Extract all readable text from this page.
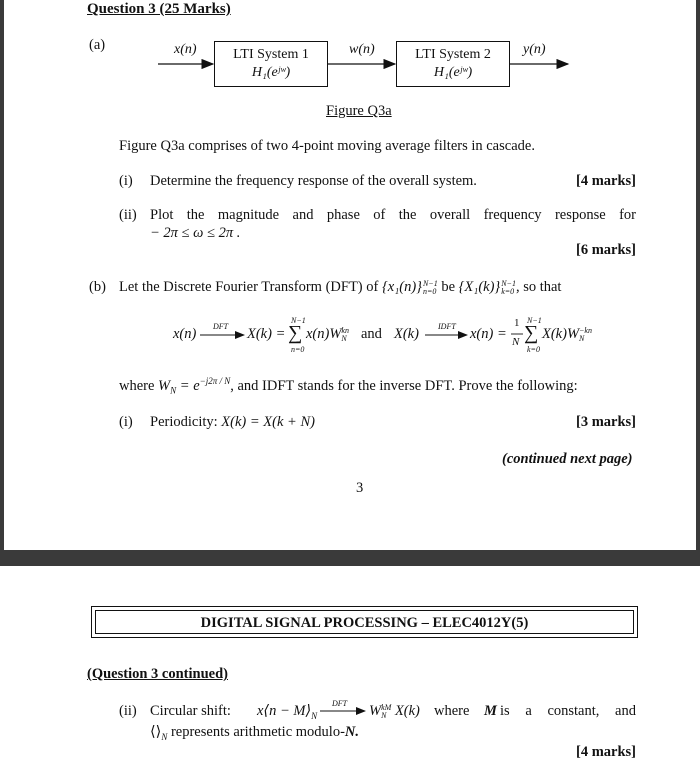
Question 3 (25 Marks)
(a)	x(n)	w(n)	y(n)
LTI System 1
H₁(eʲʷ)
LTI System 2
H₁(eʲʷ)
Figure Q3a
Figure Q3a comprises of two 4-point moving average filters in cascade.
(i) Determine the frequency response of the overall system.	[4 marks]
(ii) Plot the magnitude and phase of the overall frequency response for
− 2π ≤ ω ≤ 2π .
[6 marks]
(b) Let the Discrete Fourier Transform (DFT) of {x₁(n)} N−1
n=0 be {X₁(k)} N−1
k=0 , so that
x(n) DFT X(k) =
N−1
∑
n=0
x(n)W kn
N and X(k) IDFT x(n) =
1
N
N−1
∑
k=0
X(k)W −kn
N
where $W_N = e^{-j2\pi / N}$, and IDFT stands for the inverse DFT. Prove the following:
(i) Periodicity: X(k) = X(k + N)	[3 marks]
(continued next page)
3
DIGITAL SIGNAL PROCESSING – ELEC4012Y(5)
(Question 3 continued)
(ii) Circular shift: x⟨n − $M⟩_N$
DFT W kM
N X(k) where M is a constant, and
$⟨⟩_N$ represents arithmetic modulo-N.
[4 marks]
